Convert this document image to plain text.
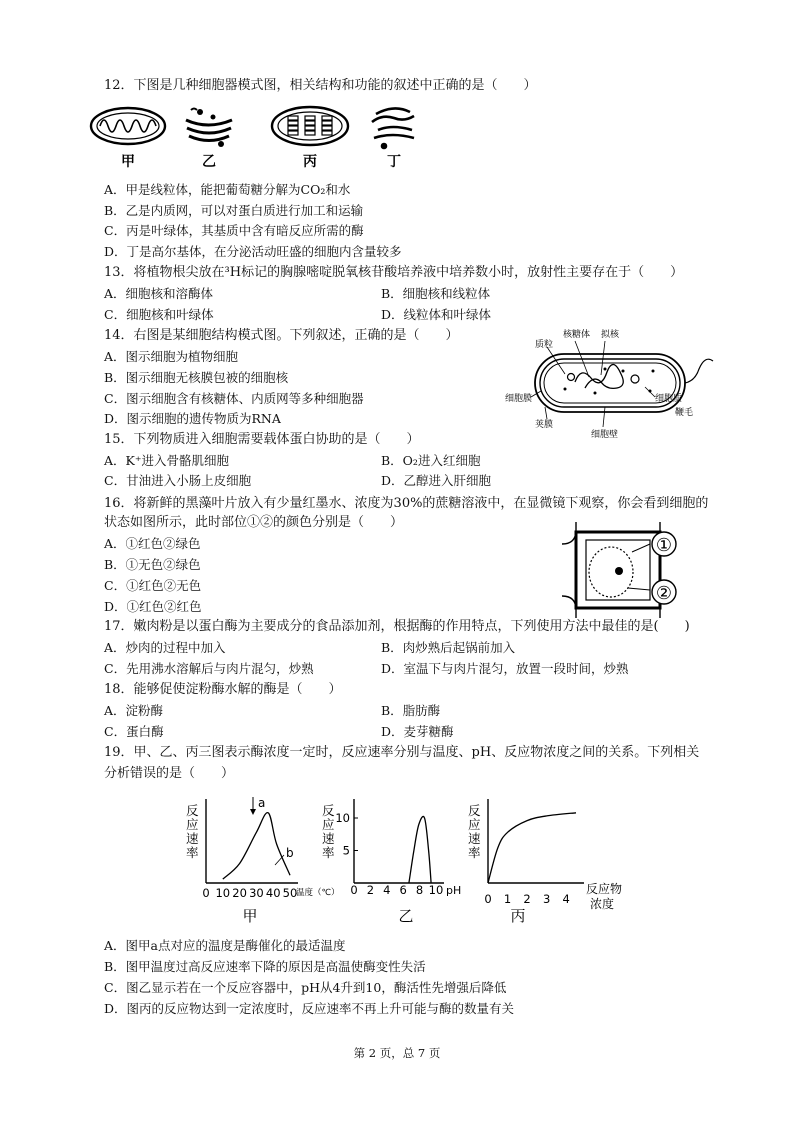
12．下图是几种细胞器模式图，相关结构和功能的叙述中正确的是（　　）
甲	乙	丙	丁
A．甲是线粒体，能把葡萄糖分解为CO₂和水
B．乙是内质网，可以对蛋白质进行加工和运输
C．丙是叶绿体，其基质中含有暗反应所需的酶
D．丁是高尔基体，在分泌活动旺盛的细胞内含量较多
13．将植物根尖放在³H标记的胸腺嘧啶脱氧核苷酸培养液中培养数小时，放射性主要存在于（　　）
A．细胞核和溶酶体	B．细胞核和线粒体
C．细胞核和叶绿体	D．线粒体和叶绿体
14．右图是某细胞结构模式图。下列叙述，正确的是（　　）
A．图示细胞为植物细胞
B．图示细胞无核膜包被的细胞核
C．图示细胞含有核糖体、内质网等多种细胞器
D．图示细胞的遗传物质为RNA
质粒
核糖体 拟核
细胞膜	细胞质
鞭毛
荚膜
细胞壁
15．下列物质进入细胞需要载体蛋白协助的是（　　）
A．K⁺进入骨骼肌细胞	B．O₂进入红细胞
C．甘油进入小肠上皮细胞	D．乙醇进入肝细胞
16．将新鲜的黑藻叶片放入有少量红墨水、浓度为30%的蔗糖溶液中，在显微镜下观察，你会看到细胞的
状态如图所示，此时部位①②的颜色分别是（　　）
A．①红色②绿色
B．①无色②绿色
C．①红色②无色
D．①红色②红色
①
②
17．嫩肉粉是以蛋白酶为主要成分的食品添加剂，根据酶的作用特点，下列使用方法中最佳的是(　　)
A．炒肉的过程中加入	B．肉炒熟后起锅前加入
C．先用沸水溶解后与肉片混匀，炒熟	D．室温下与肉片混匀，放置一段时间，炒熟
18．能够促使淀粉酶水解的酶是（　　）
A．淀粉酶	B．脂肪酶
C．蛋白酶	D．麦芽糖酶
19．甲、乙、丙三图表示酶浓度一定时，反应速率分别与温度、pH、反应物浓度之间的关系。下列相关
分析错误的是（　　）
反
应
速
率
0 10 20 30 40 50
温度（℃）
a
b
甲
反
应
速
率 5
10
0 2 4 6 8 10 pH
乙
反
应
速
率
0 1 2 3 4
反应物
浓度
丙
A．图甲a点对应的温度是酶催化的最适温度
B．图甲温度过高反应速率下降的原因是高温使酶变性失活
C．图乙显示若在一个反应容器中，pH从4升到10，酶活性先增强后降低
D．图丙的反应物达到一定浓度时，反应速率不再上升可能与酶的数量有关
第 2 页，总 7 页
